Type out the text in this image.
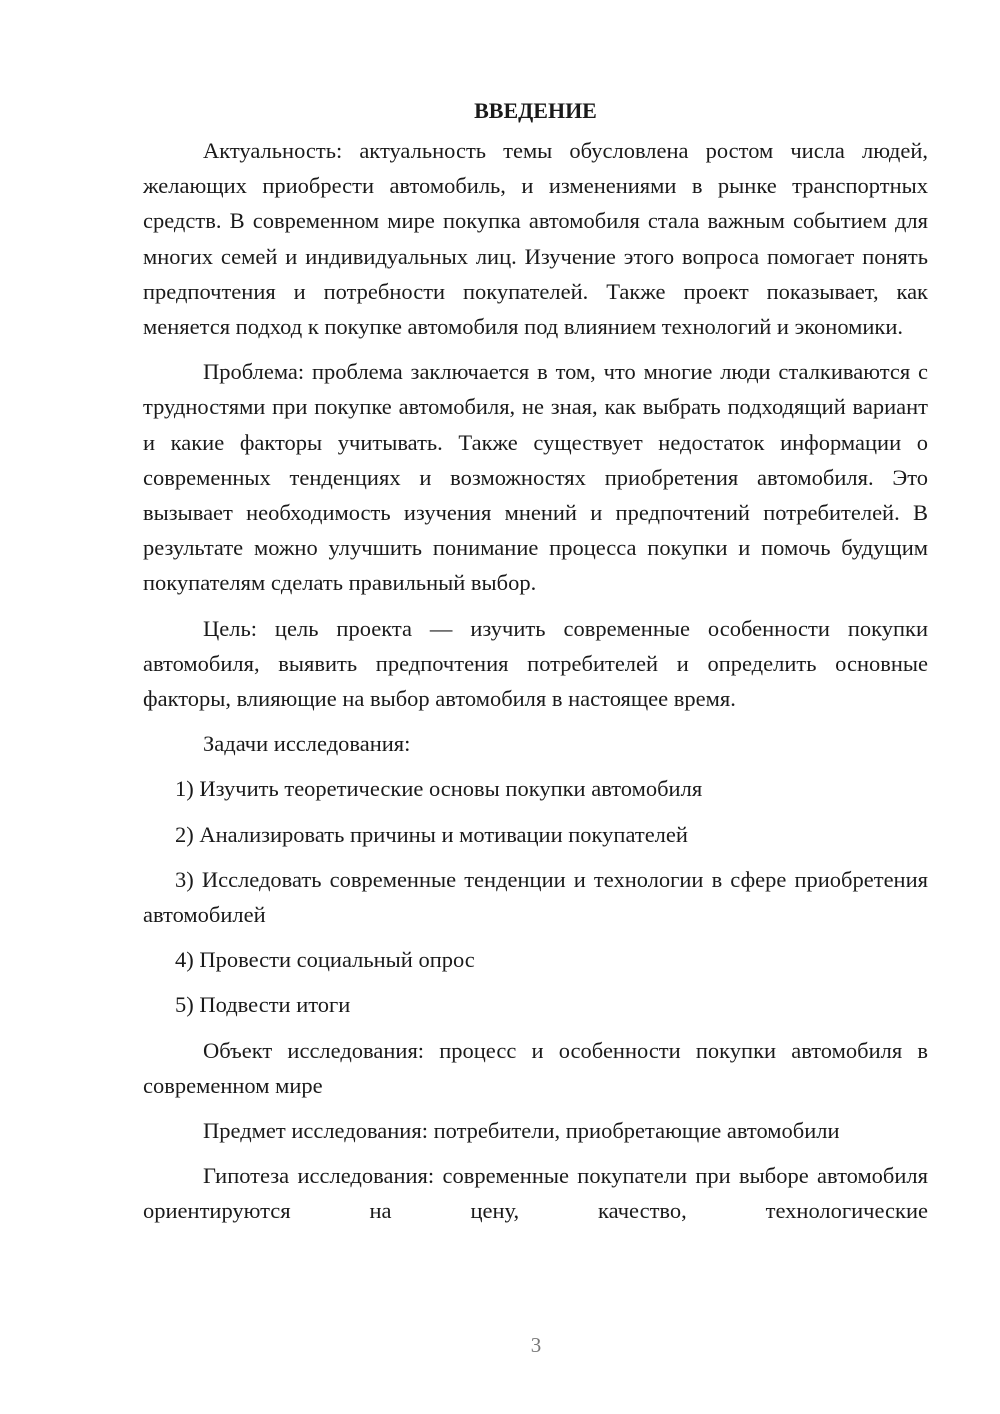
ВВЕДЕНИЕ

Актуальность: актуальность темы обусловлена ростом числа людей, желающих приобрести автомобиль, и изменениями в рынке транспортных средств. В современном мире покупка автомобиля стала важным событием для многих семей и индивидуальных лиц. Изучение этого вопроса помогает понять предпочтения и потребности покупателей. Также проект показывает, как меняется подход к покупке автомобиля под влиянием технологий и экономики.

Проблема: проблема заключается в том, что многие люди сталкиваются с трудностями при покупке автомобиля, не зная, как выбрать подходящий вариант и какие факторы учитывать. Также существует недостаток информации о современных тенденциях и возможностях приобретения автомобиля. Это вызывает необходимость изучения мнений и предпочтений потребителей. В результате можно улучшить понимание процесса покупки и помочь будущим покупателям сделать правильный выбор.

Цель: цель проекта — изучить современные особенности покупки автомобиля, выявить предпочтения потребителей и определить основные факторы, влияющие на выбор автомобиля в настоящее время.

Задачи исследования:

1) Изучить теоретические основы покупки автомобиля

2) Анализировать причины и мотивации покупателей

3) Исследовать современные тенденции и технологии в сфере приобретения автомобилей

4) Провести социальный опрос

5) Подвести итоги

Объект исследования: процесс и особенности покупки автомобиля в современном мире

Предмет исследования: потребители, приобретающие автомобили

Гипотеза исследования: современные покупатели при выборе автомобиля ориентируются на цену, качество, технологические

3
